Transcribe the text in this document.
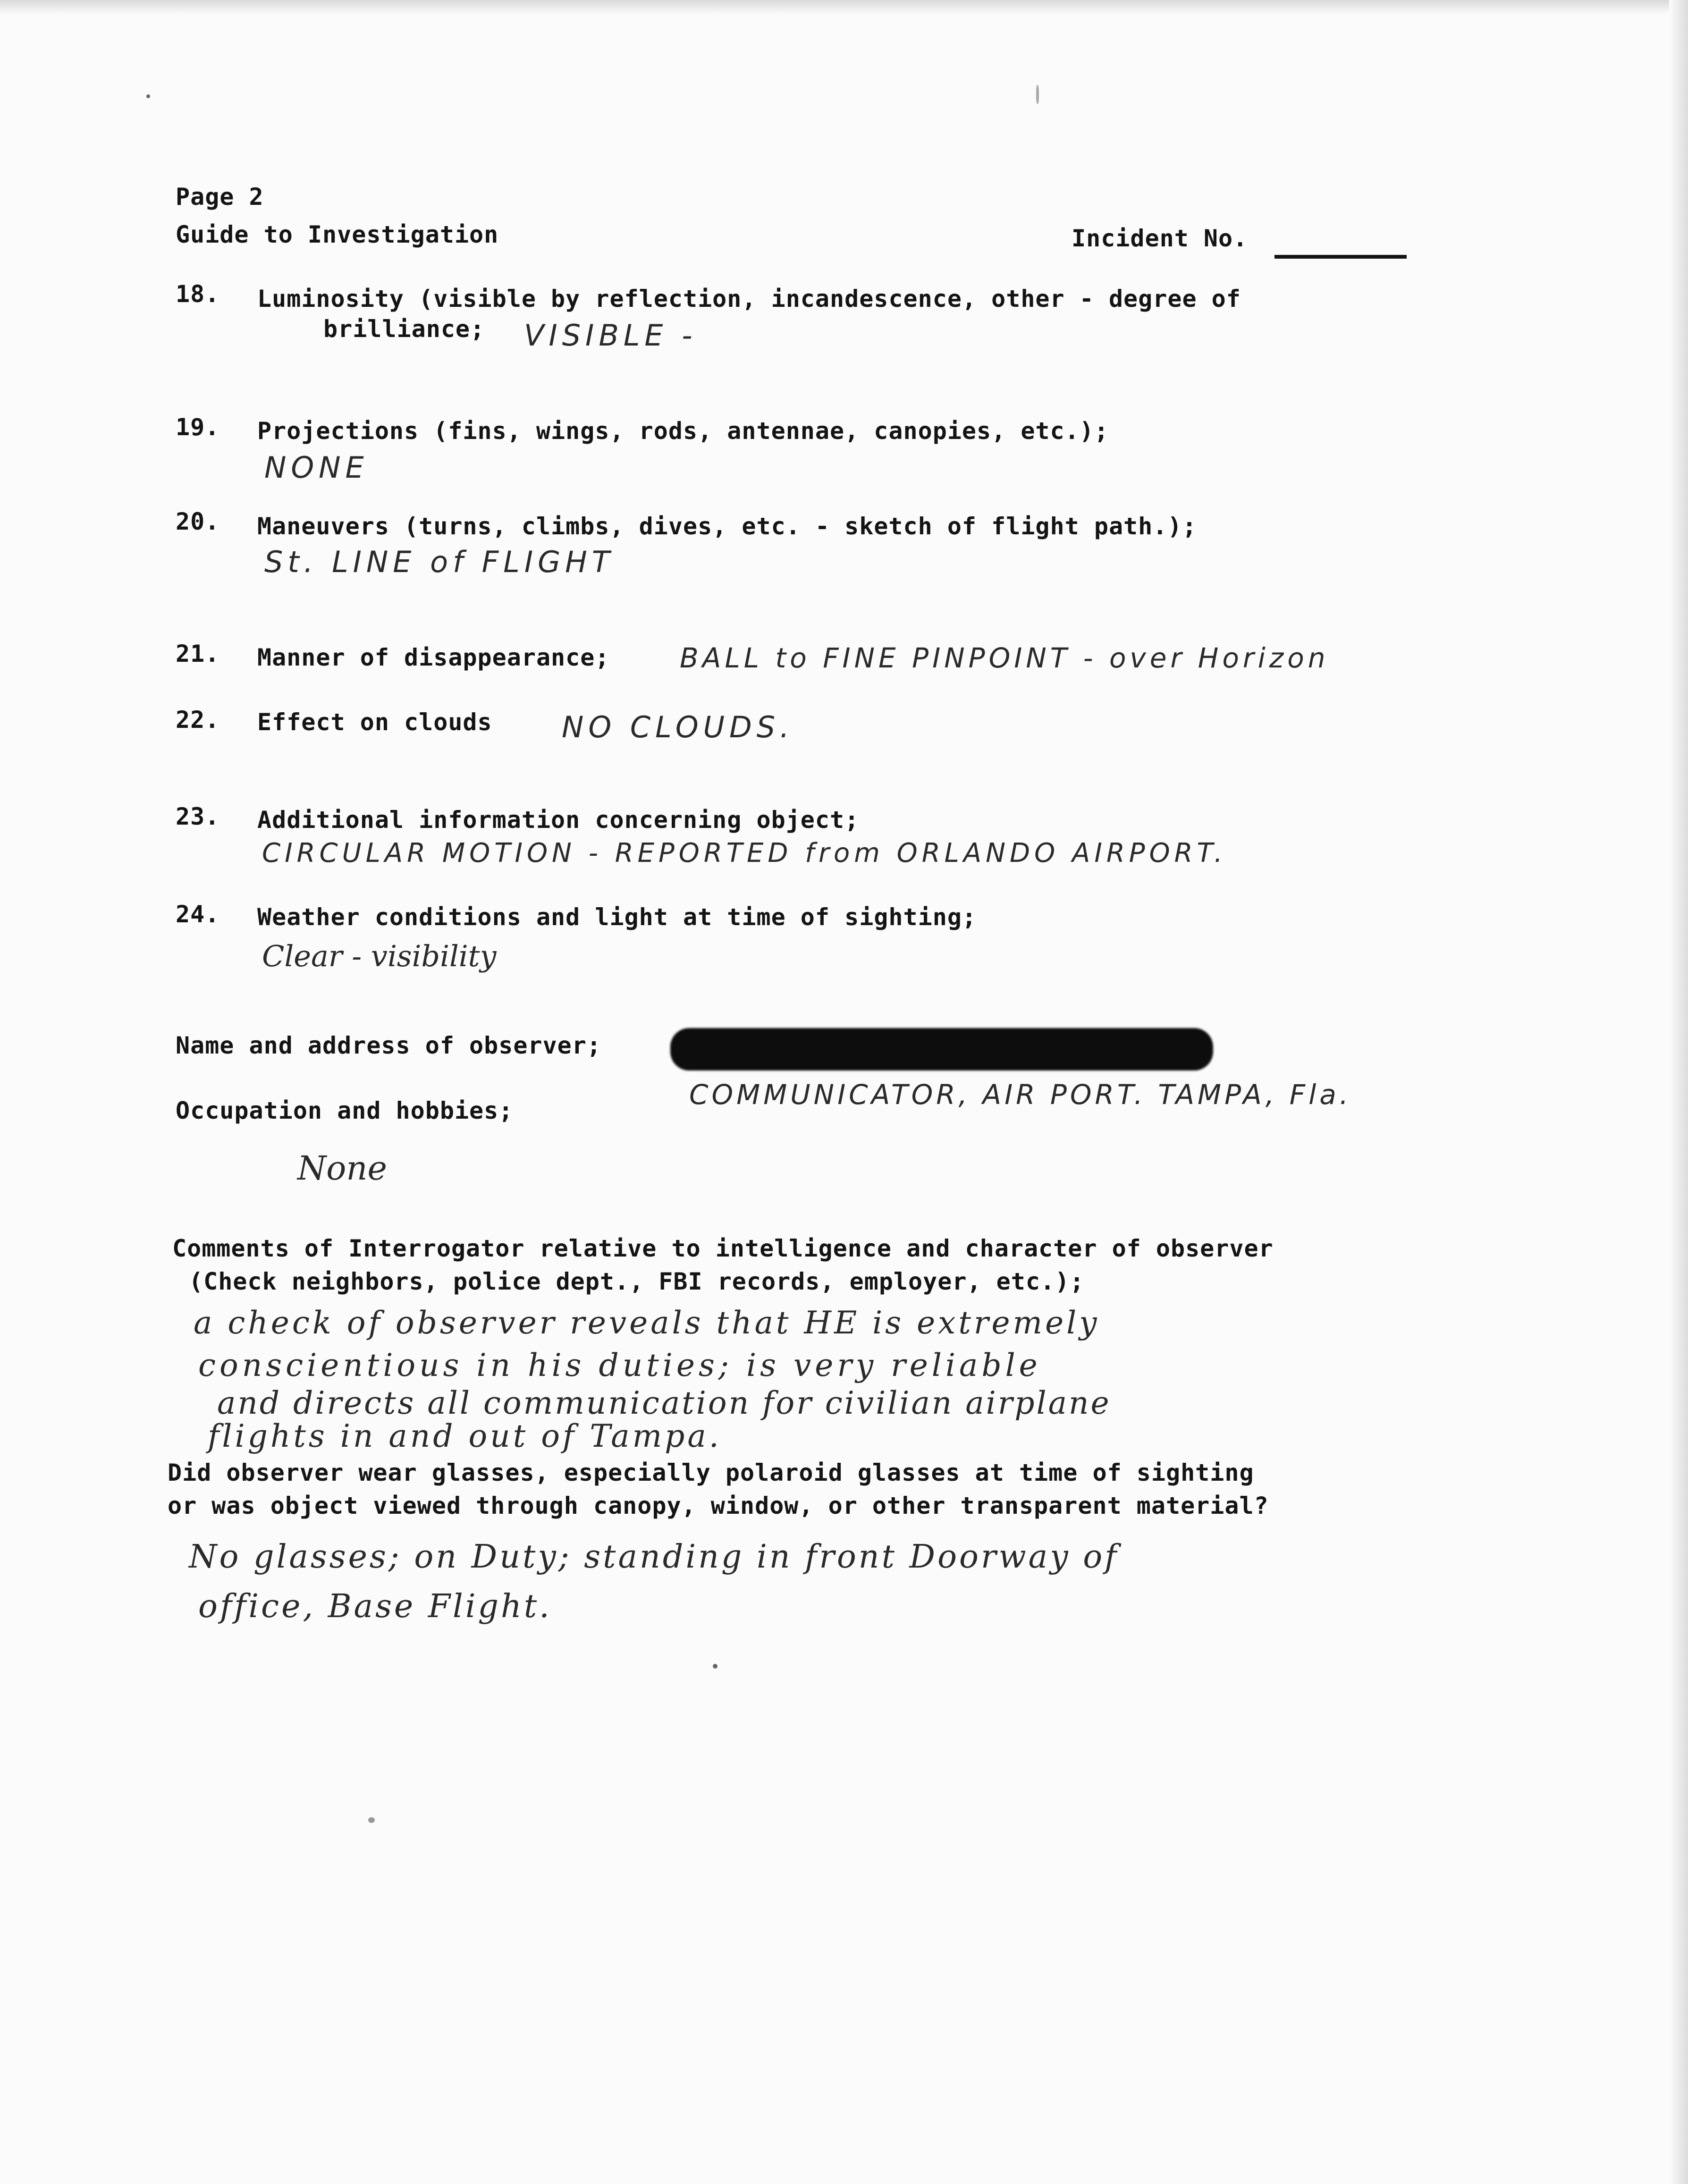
Page 2
Guide to Investigation	Incident No.
18. Luminosity (visible by reflection, incandescence, other - degree of
brilliance; VISIBLE -
19. Projections (fins, wings, rods, antennae, canopies, etc.);
NONE
20. Maneuvers (turns, climbs, dives, etc. - sketch of flight path.);
St. LINE of FLIGHT
21. Manner of disappearance;	BALL to FINE PINPOINT - over Horizon
22. Effect on clouds NO CLOUDS.
23. Additional information concerning object;
CIRCULAR MOTION - REPORTED from ORLANDO AIRPORT.
24. Weather conditions and light at time of sighting;
Clear - visibility
Name and address of observer;
COMMUNICATOR, AIR PORT. TAMPA, Fla.
Occupation and hobbies;
None
Comments of Interrogator relative to intelligence and character of observer
(Check neighbors, police dept., FBI records, employer, etc.);
a check of observer reveals that HE is extremely
conscientious in his duties; is very reliable
and directs all communication for civilian airplane
flights in and out of Tampa.
Did observer wear glasses, especially polaroid glasses at time of sighting
or was object viewed through canopy, window, or other transparent material?
No glasses; on Duty; standing in front Doorway of
office, Base Flight.
